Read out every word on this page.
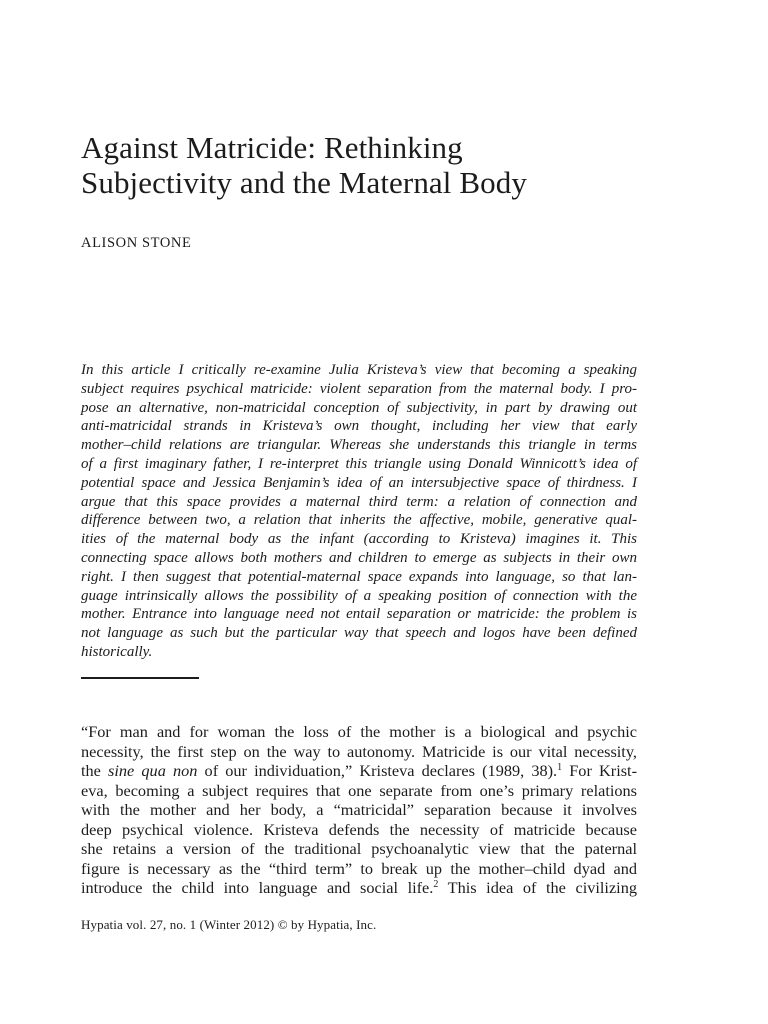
Against Matricide: Rethinking
Subjectivity and the Maternal Body

ALISON STONE

In this article I critically re-examine Julia Kristeva’s view that becoming a speaking
subject requires psychical matricide: violent separation from the maternal body. I pro-
pose an alternative, non-matricidal conception of subjectivity, in part by drawing out
anti-matricidal strands in Kristeva’s own thought, including her view that early
mother–child relations are triangular. Whereas she understands this triangle in terms
of a first imaginary father, I re-interpret this triangle using Donald Winnicott’s idea of
potential space and Jessica Benjamin’s idea of an intersubjective space of thirdness. I
argue that this space provides a maternal third term: a relation of connection and
difference between two, a relation that inherits the affective, mobile, generative qual-
ities of the maternal body as the infant (according to Kristeva) imagines it. This
connecting space allows both mothers and children to emerge as subjects in their own
right. I then suggest that potential-maternal space expands into language, so that lan-
guage intrinsically allows the possibility of a speaking position of connection with the
mother. Entrance into language need not entail separation or matricide: the problem is
not language as such but the particular way that speech and logos have been defined
historically.

“For man and for woman the loss of the mother is a biological and psychic
necessity, the first step on the way to autonomy. Matricide is our vital necessity,
the sine qua non of our individuation,” Kristeva declares (1989, 38).$^1$ For Krist-
eva, becoming a subject requires that one separate from one’s primary relations
with the mother and her body, a “matricidal” separation because it involves
deep psychical violence. Kristeva defends the necessity of matricide because
she retains a version of the traditional psychoanalytic view that the paternal
figure is necessary as the “third term” to break up the mother–child dyad and
introduce the child into language and social life.$^2$ This idea of the civilizing

Hypatia vol. 27, no. 1 (Winter 2012) © by Hypatia, Inc.
